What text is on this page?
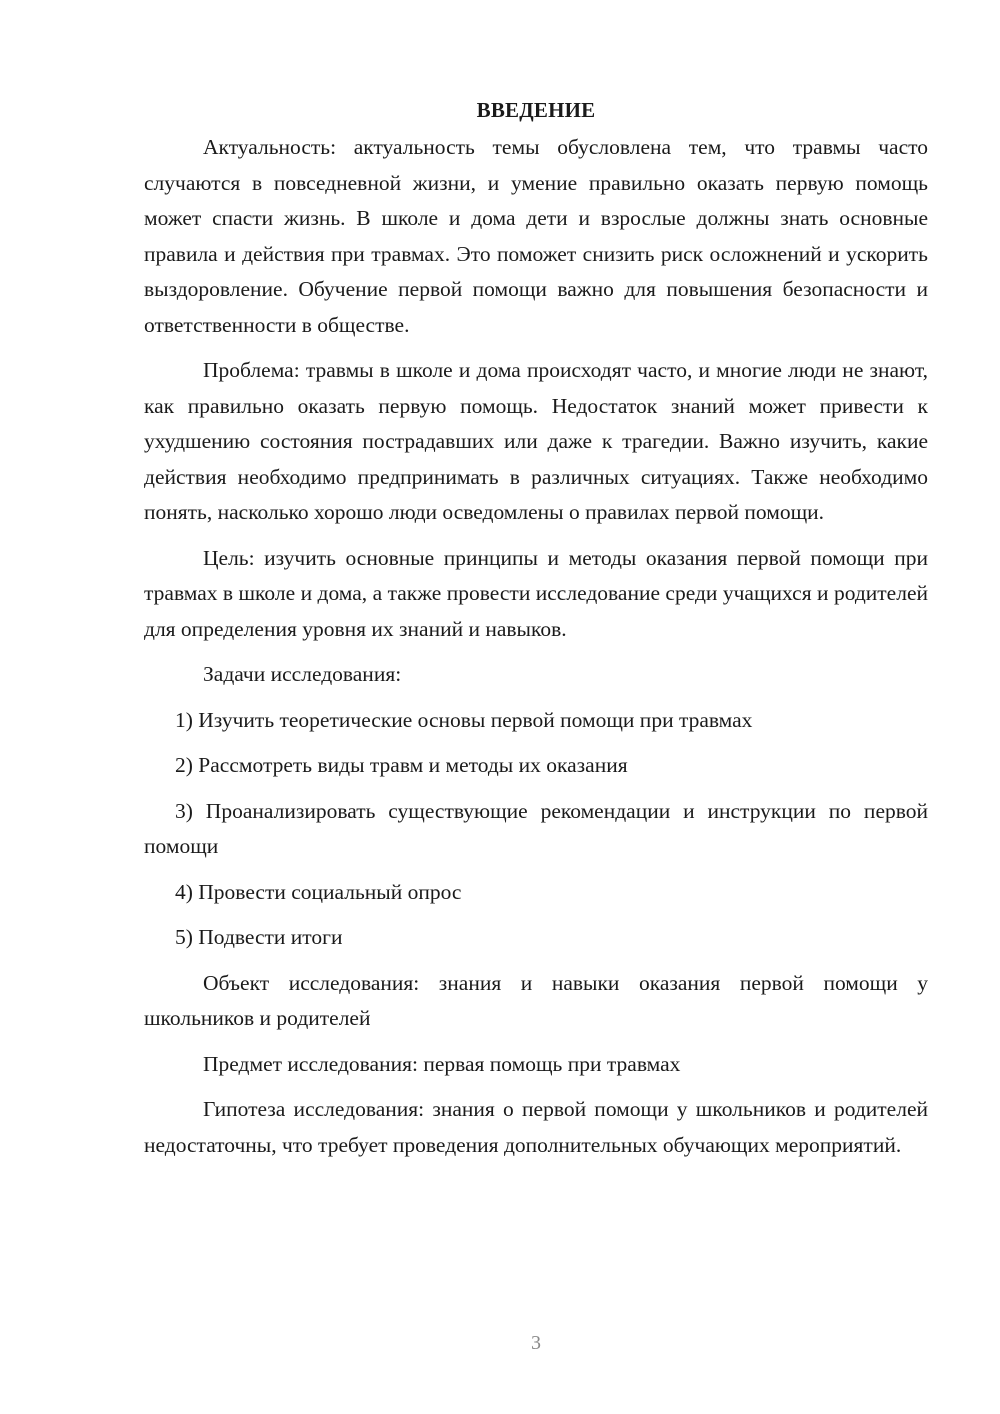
ВВЕДЕНИЕ

Актуальность: актуальность темы обусловлена тем, что травмы часто случаются в повседневной жизни, и умение правильно оказать первую помощь может спасти жизнь. В школе и дома дети и взрослые должны знать основные правила и действия при травмах. Это поможет снизить риск осложнений и ускорить выздоровление. Обучение первой помощи важно для повышения безопасности и ответственности в обществе.

Проблема: травмы в школе и дома происходят часто, и многие люди не знают, как правильно оказать первую помощь. Недостаток знаний может привести к ухудшению состояния пострадавших или даже к трагедии. Важно изучить, какие действия необходимо предпринимать в различных ситуациях. Также необходимо понять, насколько хорошо люди осведомлены о правилах первой помощи.

Цель: изучить основные принципы и методы оказания первой помощи при травмах в школе и дома, а также провести исследование среди учащихся и родителей для определения уровня их знаний и навыков.

Задачи исследования:

1) Изучить теоретические основы первой помощи при травмах

2) Рассмотреть виды травм и методы их оказания

3) Проанализировать существующие рекомендации и инструкции по первой помощи

4) Провести социальный опрос

5) Подвести итоги

Объект исследования: знания и навыки оказания первой помощи у школьников и родителей

Предмет исследования: первая помощь при травмах

Гипотеза исследования: знания о первой помощи у школьников и родителей недостаточны, что требует проведения дополнительных обучающих мероприятий.

3
